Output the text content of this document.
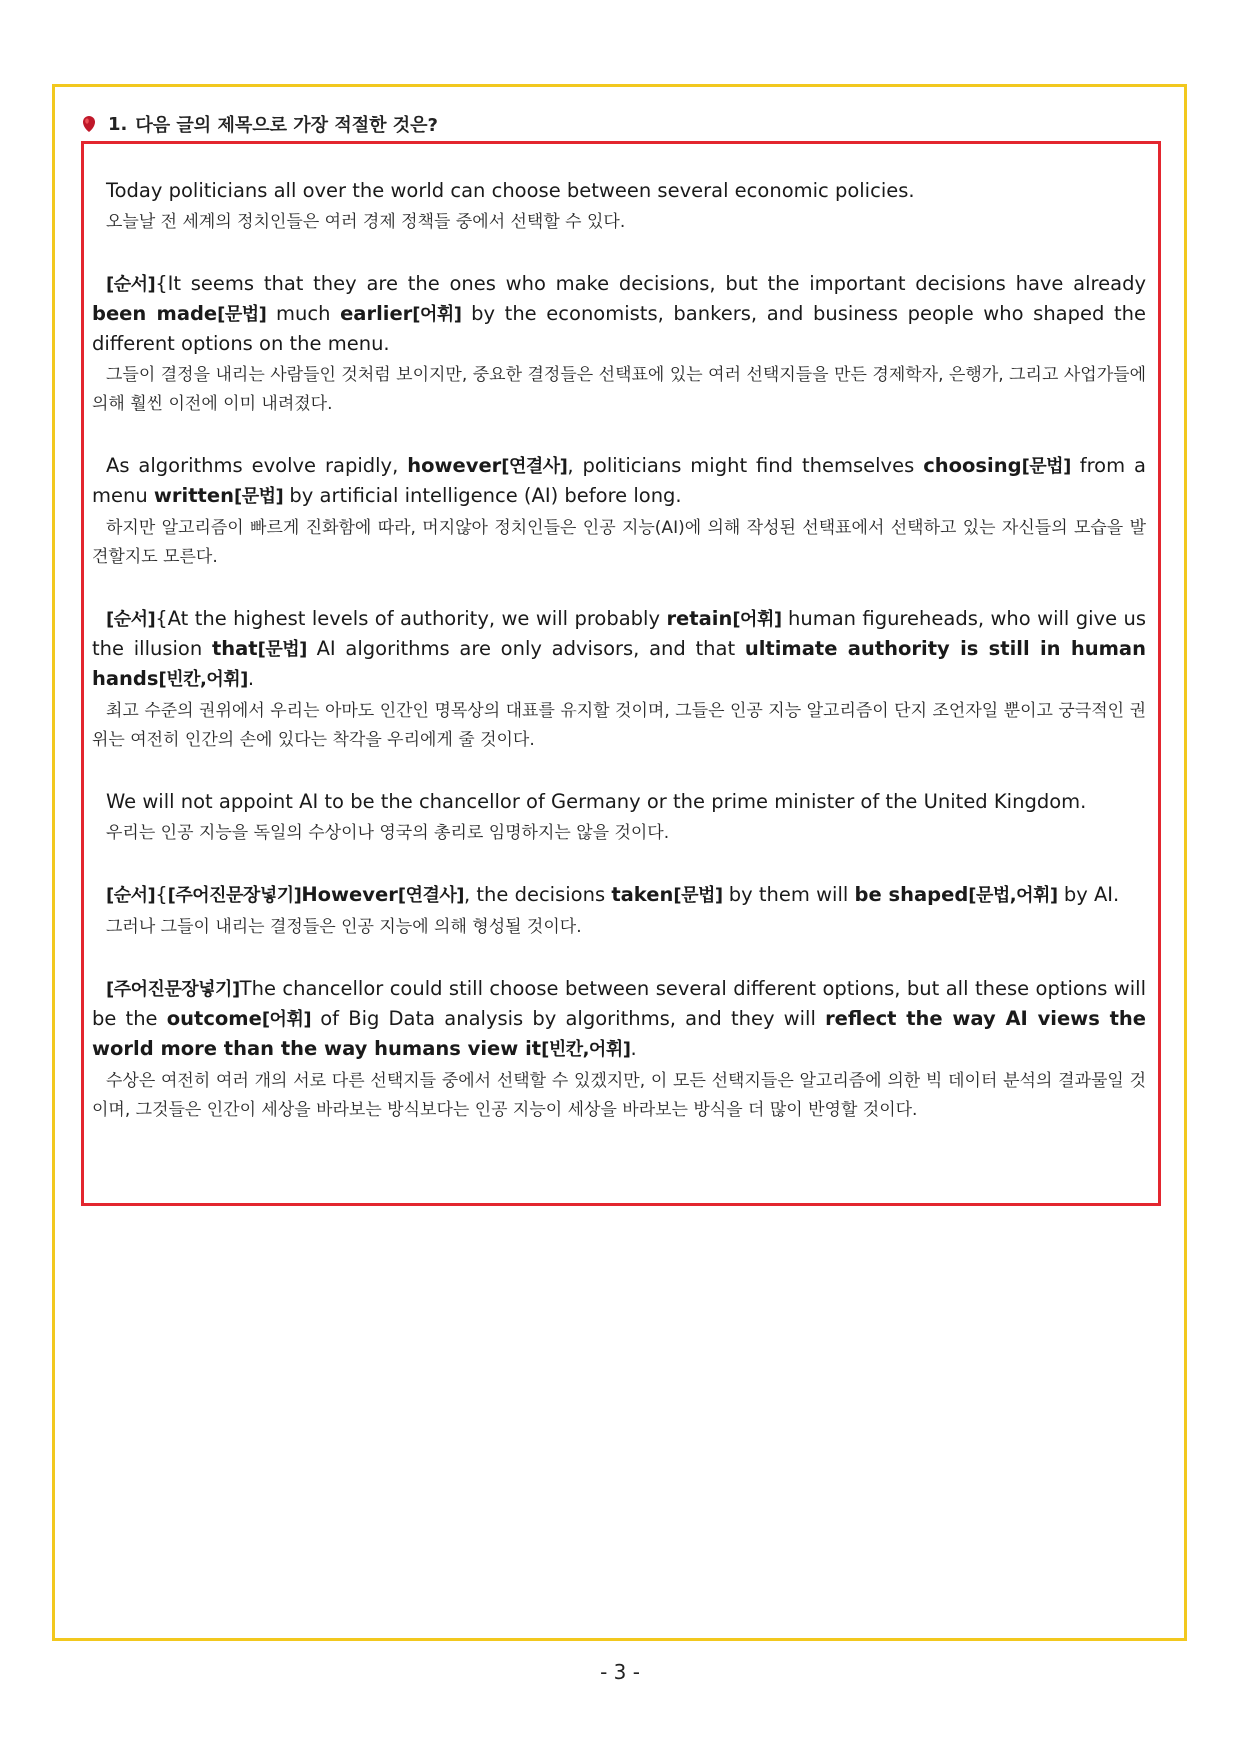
1. 다음 글의 제목으로 가장 적절한 것은?
Today politicians all over the world can choose between several economic policies.
오늘날 전 세계의 정치인들은 여러 경제 정책들 중에서 선택할 수 있다.
[순서]{It seems that they are the ones who make decisions, but the important decisions have already been made[문법] much earlier[어휘] by the economists, bankers, and business people who shaped the different options on the menu.
그들이 결정을 내리는 사람들인 것처럼 보이지만, 중요한 결정들은 선택표에 있는 여러 선택지들을 만든 경제학자, 은행가, 그리고 사업가들에 의해 훨씬 이전에 이미 내려졌다.
As algorithms evolve rapidly, however[연결사], politicians might find themselves choosing[문법] from a menu written[문법] by artificial intelligence (AI) before long.
하지만 알고리즘이 빠르게 진화함에 따라, 머지않아 정치인들은 인공 지능(AI)에 의해 작성된 선택표에서 선택하고 있는 자신들의 모습을 발견할지도 모른다.
[순서]{At the highest levels of authority, we will probably retain[어휘] human figureheads, who will give us the illusion that[문법] AI algorithms are only advisors, and that ultimate authority is still in human hands[빈칸,어휘].
최고 수준의 권위에서 우리는 아마도 인간인 명목상의 대표를 유지할 것이며, 그들은 인공 지능 알고리즘이 단지 조언자일 뿐이고 궁극적인 권위는 여전히 인간의 손에 있다는 착각을 우리에게 줄 것이다.
We will not appoint AI to be the chancellor of Germany or the prime minister of the United Kingdom.
우리는 인공 지능을 독일의 수상이나 영국의 총리로 임명하지는 않을 것이다.
[순서]{[주어진문장넣기]However[연결사], the decisions taken[문법] by them will be shaped[문법,어휘] by AI.
그러나 그들이 내리는 결정들은 인공 지능에 의해 형성될 것이다.
[주어진문장넣기]The chancellor could still choose between several different options, but all these options will be the outcome[어휘] of Big Data analysis by algorithms, and they will reflect the way AI views the world more than the way humans view it[빈칸,어휘].
수상은 여전히 여러 개의 서로 다른 선택지들 중에서 선택할 수 있겠지만, 이 모든 선택지들은 알고리즘에 의한 빅 데이터 분석의 결과물일 것이며, 그것들은 인간이 세상을 바라보는 방식보다는 인공 지능이 세상을 바라보는 방식을 더 많이 반영할 것이다.
- 3 -
